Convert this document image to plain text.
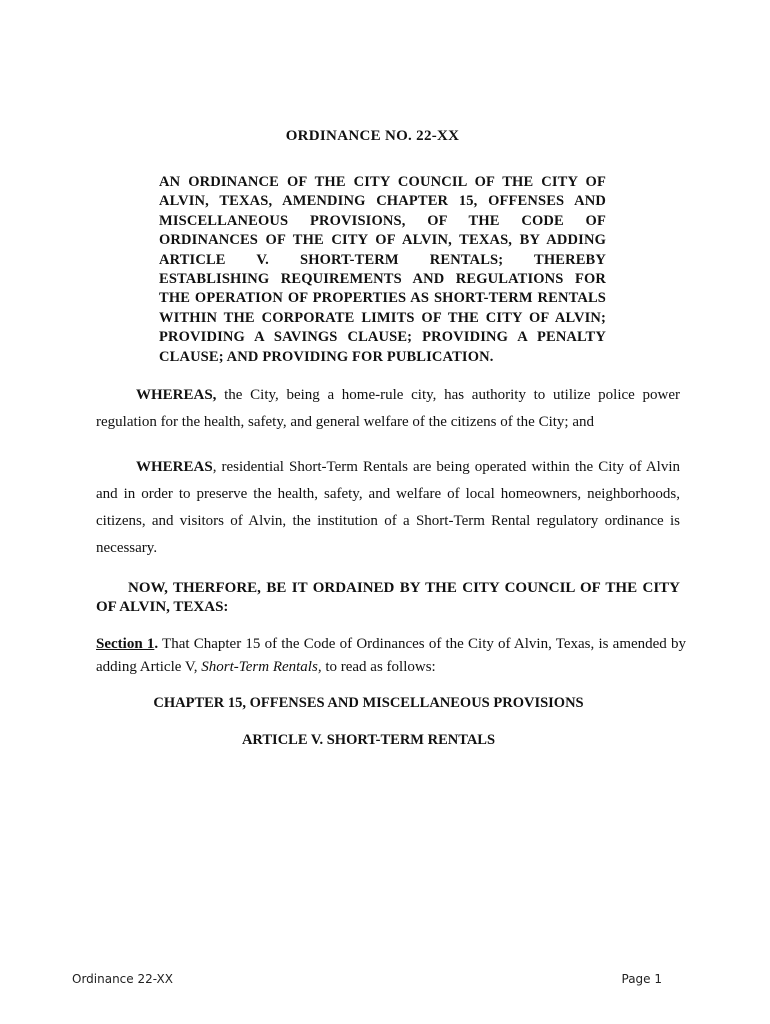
ORDINANCE NO. 22-XX
AN ORDINANCE OF THE CITY COUNCIL OF THE CITY OF ALVIN, TEXAS, AMENDING CHAPTER 15, OFFENSES AND MISCELLANEOUS PROVISIONS, OF THE CODE OF ORDINANCES OF THE CITY OF ALVIN, TEXAS, BY ADDING ARTICLE V. SHORT-TERM RENTALS; THEREBY ESTABLISHING REQUIREMENTS AND REGULATIONS FOR THE OPERATION OF PROPERTIES AS SHORT-TERM RENTALS WITHIN THE CORPORATE LIMITS OF THE CITY OF ALVIN; PROVIDING A SAVINGS CLAUSE; PROVIDING A PENALTY CLAUSE; AND PROVIDING FOR PUBLICATION.
WHEREAS, the City, being a home-rule city, has authority to utilize police power regulation for the health, safety, and general welfare of the citizens of the City; and
WHEREAS, residential Short-Term Rentals are being operated within the City of Alvin and in order to preserve the health, safety, and welfare of local homeowners, neighborhoods, citizens, and visitors of Alvin, the institution of a Short-Term Rental regulatory ordinance is necessary.
NOW, THERFORE, BE IT ORDAINED BY THE CITY COUNCIL OF THE CITY OF ALVIN, TEXAS:
Section 1. That Chapter 15 of the Code of Ordinances of the City of Alvin, Texas, is amended by adding Article V, Short-Term Rentals, to read as follows:
CHAPTER 15, OFFENSES AND MISCELLANEOUS PROVISIONS
ARTICLE V. SHORT-TERM RENTALS
Ordinance 22-XX	Page 1
